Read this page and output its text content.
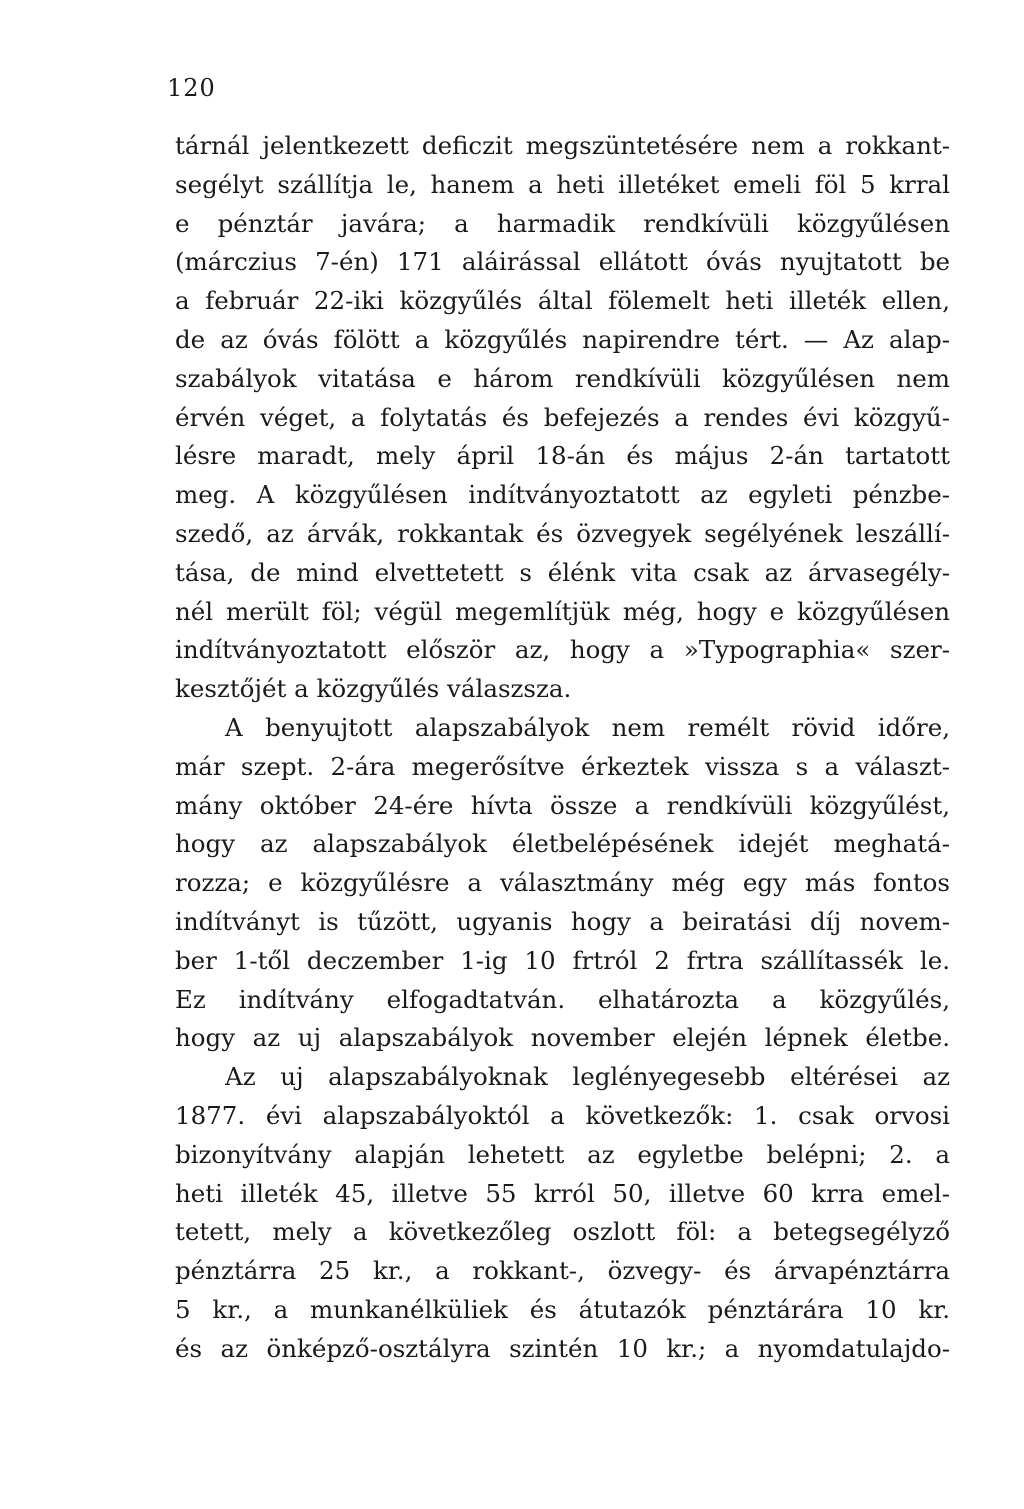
120
tárnál jelentkezett deficzit megszüntetésére nem a rokkant-
segélyt szállítja le, hanem a heti illetéket emeli föl 5 krral
e pénztár javára; a harmadik rendkívüli közgyűlésen
(márczius 7-én) 171 aláirással ellátott óvás nyujtatott be
a február 22-iki közgyűlés által fölemelt heti illeték ellen,
de az óvás fölött a közgyűlés napirendre tért. — Az alap-
szabályok vitatása e három rendkívüli közgyűlésen nem
érvén véget, a folytatás és befejezés a rendes évi közgyű-
lésre maradt, mely ápril 18-án és május 2-án tartatott
meg. A közgyűlésen indítványoztatott az egyleti pénzbe-
szedő, az árvák, rokkantak és özvegyek segélyének leszállí-
tása, de mind elvettetett s élénk vita csak az árvasegély-
nél merült föl; végül megemlítjük még, hogy e közgyűlésen
indítványoztatott először az, hogy a »Typographia« szer-
kesztőjét a közgyűlés válaszsza.
A benyujtott alapszabályok nem remélt rövid időre,
már szept. 2-ára megerősítve érkeztek vissza s a választ-
mány október 24-ére hívta össze a rendkívüli közgyűlést,
hogy az alapszabályok életbelépésének idejét meghatá-
rozza; e közgyűlésre a választmány még egy más fontos
indítványt is tűzött, ugyanis hogy a beiratási díj novem-
ber 1-től deczember 1-ig 10 frtról 2 frtra szállítassék le.
Ez indítvány elfogadtatván. elhatározta a közgyűlés,
hogy az uj alapszabályok november elején lépnek életbe.
Az uj alapszabályoknak leglényegesebb eltérései az
1877. évi alapszabályoktól a következők: 1. csak orvosi
bizonyítvány alapján lehetett az egyletbe belépni; 2. a
heti illeték 45, illetve 55 krról 50, illetve 60 krra emel-
tetett, mely a következőleg oszlott föl: a betegsegélyző
pénztárra 25 kr., a rokkant-, özvegy- és árvapénztárra
5 kr., a munkanélküliek és átutazók pénztárára 10 kr.
és az önképző-osztályra szintén 10 kr.; a nyomdatulajdo-
